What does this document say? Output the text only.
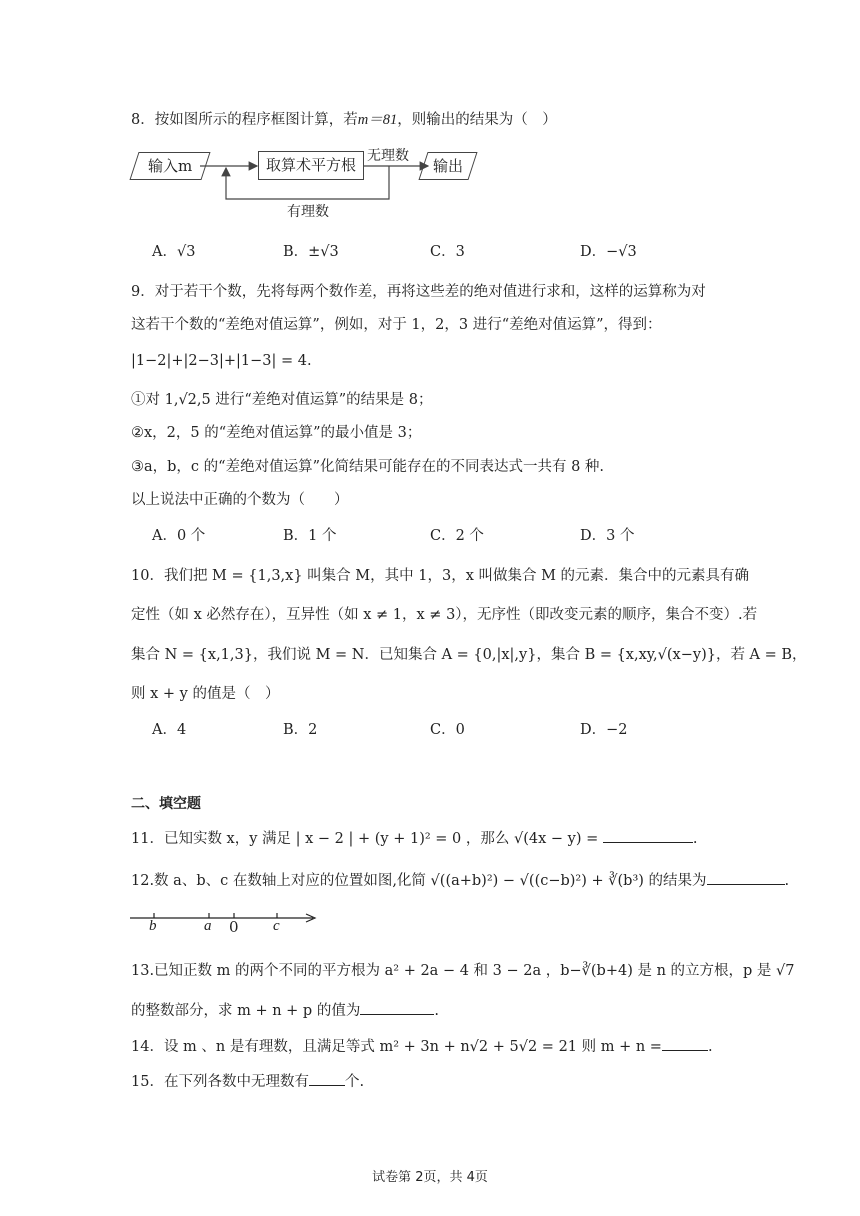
8．按如图所示的程序框图计算，若m＝81，则输出的结果为（　）
输入m	取算术平方根	输出
无理数
有理数
A．√3	B．±√3	C．3	D．−√3
9．对于若干个数，先将每两个数作差，再将这些差的绝对值进行求和，这样的运算称为对
这若干个数的“差绝对值运算”，例如，对于 1，2，3 进行“差绝对值运算”，得到：
|1−2|+|2−3|+|1−3| = 4.
①对 1,√2,5 进行“差绝对值运算”的结果是 8；
②x，2，5 的“差绝对值运算”的最小值是 3；
③a，b，c 的“差绝对值运算”化简结果可能存在的不同表达式一共有 8 种.
以上说法中正确的个数为（　　）
A．0 个	B．1 个	C．2 个	D．3 个
10．我们把 M = {1,3,x} 叫集合 M，其中 1，3，x 叫做集合 M 的元素．集合中的元素具有确
定性（如 x 必然存在），互异性（如 x ≠ 1，x ≠ 3），无序性（即改变元素的顺序，集合不变）.若
集合 N = {x,1,3}，我们说 M = N．已知集合 A = {0,|x|,y}，集合 B = {x,xy,√(x−y)}，若 A = B，
则 x + y 的值是（　）
A．4	B．2	C．0	D．−2
二、填空题
11．已知实数 x，y 满足 | x − 2 | + (y + 1)² = 0 ，那么 √(4x − y) =	.
12.数 a、b、c 在数轴上对应的位置如图,化简 √((a+b)²) − √((c−b)²) + ∛(b³) 的结果为	.
b	a 0 c
13.已知正数 m 的两个不同的平方根为 a² + 2a − 4 和 3 − 2a ，b−∛(b+4) 是 n 的立方根，p 是 √7
的整数部分，求 m + n + p 的值为	.
14．设 m 、n 是有理数，且满足等式 m² + 3n + n√2 + 5√2 = 21 则 m + n =	.
15．在下列各数中无理数有 个.
试卷第 2页，共 4页
